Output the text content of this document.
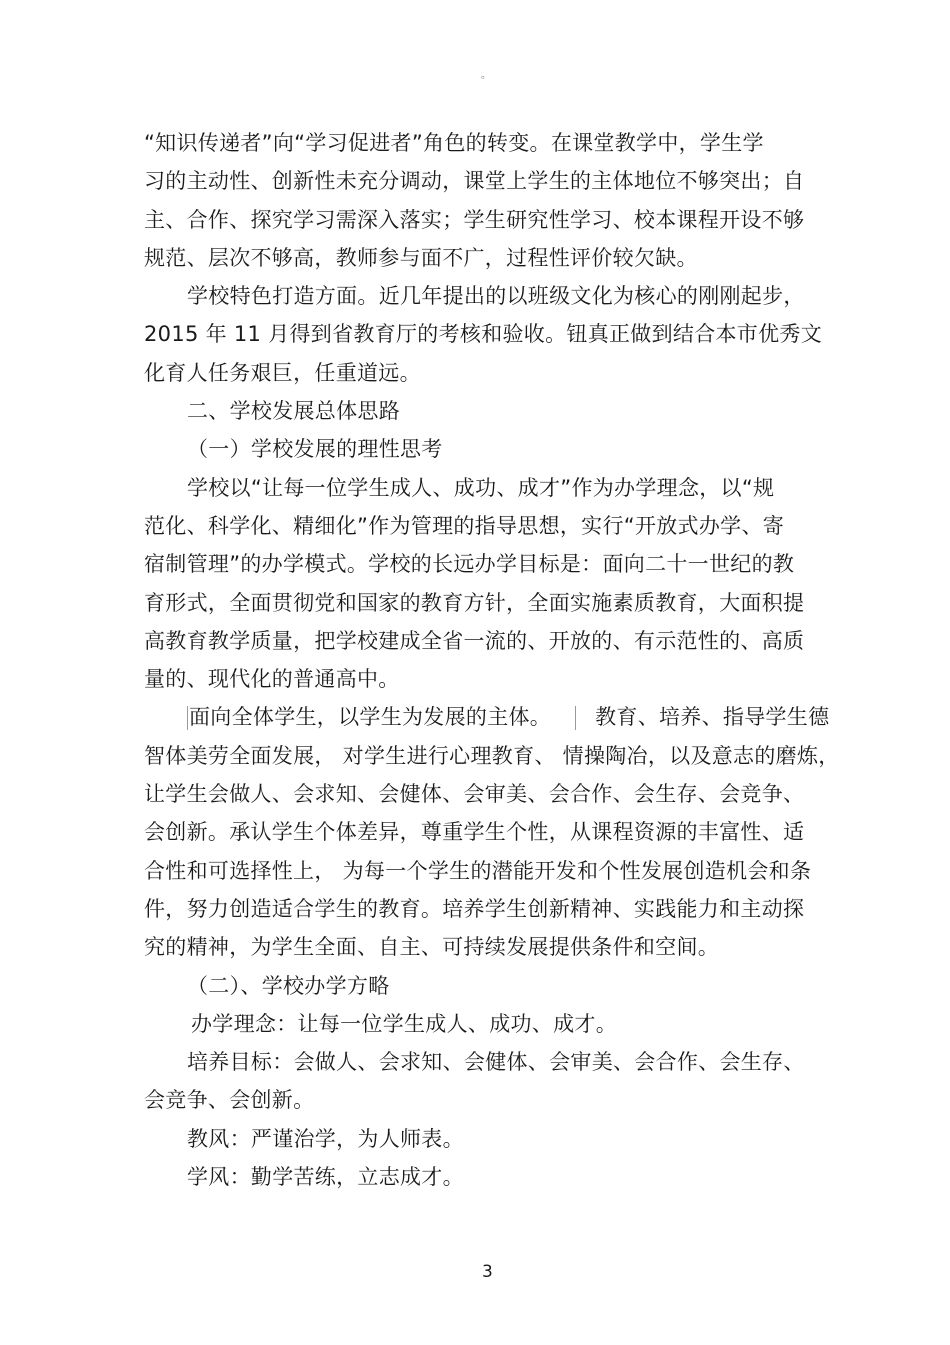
。
“知识传递者”向“学习促进者”角色的转变。在课堂教学中，学生学
习的主动性、创新性未充分调动，课堂上学生的主体地位不够突出；自
主、合作、探究学习需深入落实；学生研究性学习、校本课程开设不够
规范、层次不够高，教师参与面不广，过程性评价较欠缺。
学校特色打造方面。近几年提出的以班级文化为核心的刚刚起步，
2015 年 11 月得到省教育厅的考核和验收。钮真正做到结合本市优秀文
化育人任务艰巨，任重道远。
二、学校发展总体思路
（一）学校发展的理性思考
学校以“让每一位学生成人、成功、成才”作为办学理念，以“规
范化、科学化、精细化”作为管理的指导思想，实行“开放式办学、寄
宿制管理”的办学模式。学校的长远办学目标是：面向二十一世纪的教
育形式，全面贯彻党和国家的教育方针，全面实施素质教育，大面积提
高教育教学质量，把学校建成全省一流的、开放的、有示范性的、高质
量的、现代化的普通高中。
面向全体学生，以学生为发展的主体。 教育、培养、指导学生德
智体美劳全面发展， 对学生进行心理教育、 情操陶冶，以及意志的磨炼，
让学生会做人、会求知、会健体、会审美、会合作、会生存、会竞争、
会创新。承认学生个体差异，尊重学生个性，从课程资源的丰富性、适
合性和可选择性上， 为每一个学生的潜能开发和个性发展创造机会和条
件，努力创造适合学生的教育。培养学生创新精神、实践能力和主动探
究的精神，为学生全面、自主、可持续发展提供条件和空间。
（二）、学校办学方略
办学理念：让每一位学生成人、成功、成才。
培养目标：会做人、会求知、会健体、会审美、会合作、会生存、
会竞争、会创新。
教风：严谨治学，为人师表。
学风：勤学苦练，立志成才。
3
